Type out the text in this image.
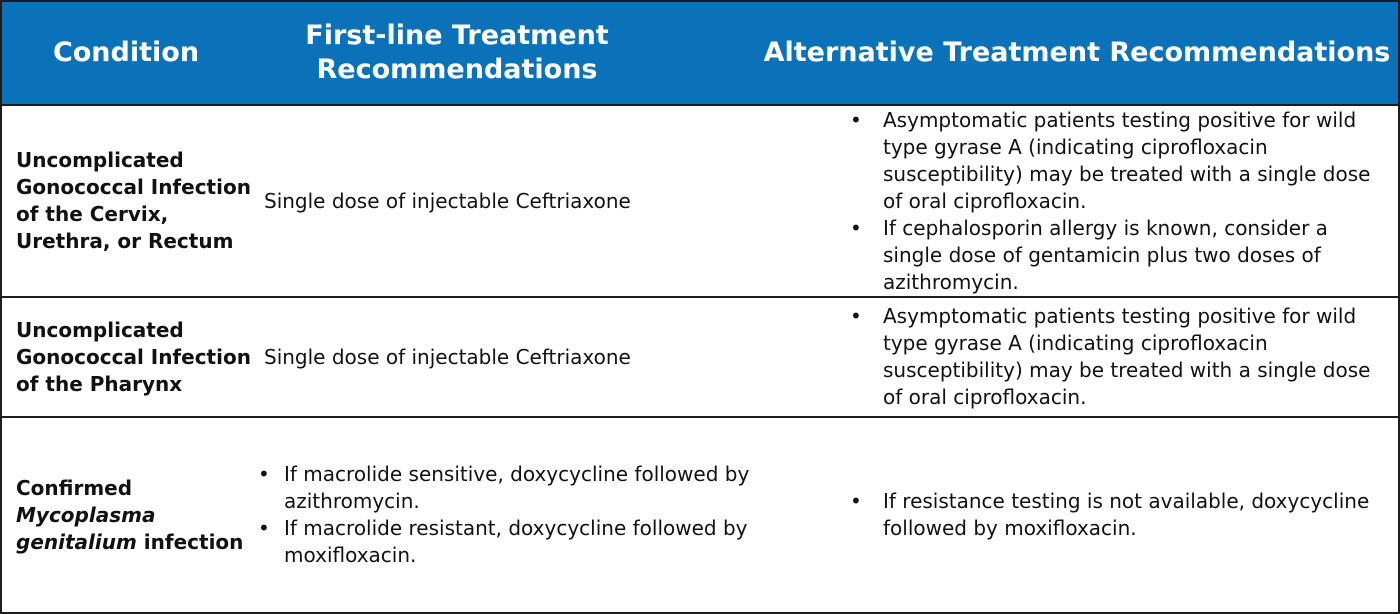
Condition
First-line Treatment Recommendations
Alternative Treatment Recommendations
Uncomplicated Gonococcal Infection of the Cervix, Urethra, or Rectum
Single dose of injectable Ceftriaxone
• Asymptomatic patients testing positive for wild type gyrase A (indicating ciprofloxacin susceptibility) may be treated with a single dose of oral ciprofloxacin.
• If cephalosporin allergy is known, consider a single dose of gentamicin plus two doses of azithromycin.
Uncomplicated Gonococcal Infection of the Pharynx
Single dose of injectable Ceftriaxone
• Asymptomatic patients testing positive for wild type gyrase A (indicating ciprofloxacin susceptibility) may be treated with a single dose of oral ciprofloxacin.
Confirmed Mycoplasma genitalium infection
• If macrolide sensitive, doxycycline followed by azithromycin.
• If macrolide resistant, doxycycline followed by moxifloxacin.
• If resistance testing is not available, doxycycline followed by moxifloxacin.
